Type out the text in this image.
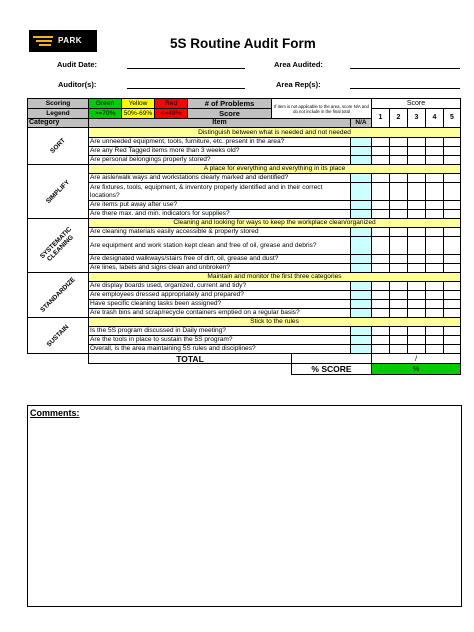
PARK	5S Routine Audit Form
Audit Date:	Area Audited:
Auditor(s):	Area Rep(s):
Scoring	Green	Yellow	Red	# of Problems	If item is not applicable to the area, score N/A and do not include in the final total			Score				
Legend	>=70%	50%-69%	<=49%	Score				1	2	3	4	5
Category	Item						N/A					

SORT	Distinguish between what is needed and not needed											
	Are unneeded equipment, tools, furniture, etc. present in the area?											
	Are any Red Tagged items more than 3 weeks old?											
	Are personal belongings properly stored?											

SIMPLIFY	A place for everything and everything in its place											
	Are aisle/walk ways and workstations clearly marked and identified?											
	Are fixtures, tools, equipment, & inventory properly identified and in their correct locations?											
	Are items put away after use?											
	Are there max. and min. indicators for supplies?											

SYSTEMATIC CLEANING	Cleaning and looking for ways to keep the workplace clean/organized											
	Are cleaning materials easily accessible & properly stored											
	Are equipment and work station kept clean and free of oil, grease and debris?											
	Are designated walkways/stairs free of dirt, oil, grease and dust?											
	Are lines, labels and signs clean and unbroken?											

STANDARDIZE	Maintain and monitor the first three categories											
	Are display boards used, organized, current and tidy?											
	Are employees dressed appropriately and prepared?											
	Have specific cleaning tasks been assigned?											
	Are trash bins and scrap/recycle containers emptied on a regular basis?											

SUSTAIN	Stick to the rules											
	Is the 5S program discussed in Daily meeting?											
	Are the tools in place to sustain the 5S program?											
	Overall, is the area maintaining 5S rules and disciplines?											
	TOTAL							/				
						% SCORE		%				
Comments:
